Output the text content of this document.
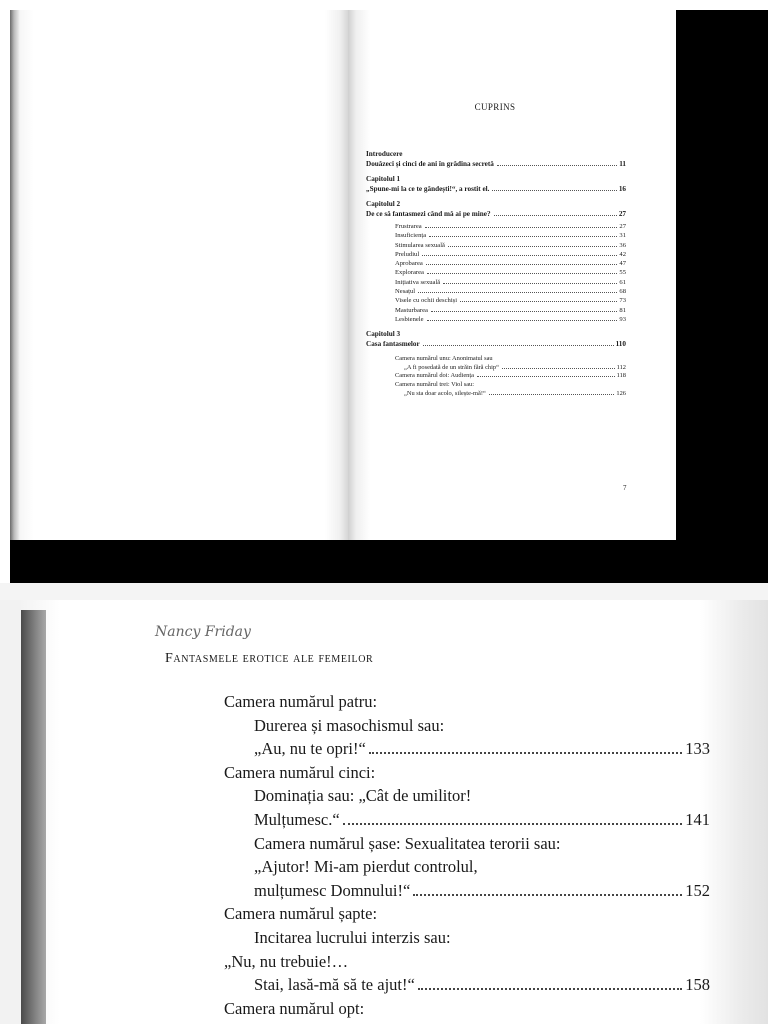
CUPRINS
Introducere
Douăzeci și cinci de ani în grădina secretă	11
Capitolul 1
„Spune-mi la ce te gândești!“, a rostit el.	16
Capitolul 2
De ce să fantasmezi când mă ai pe mine?	27
Frustrarea	27
Insuficiența	31
Stimularea sexuală	36
Preludiul	42
Aprobarea	47
Explorarea	55
Inițiativa sexuală	61
Nesațul	68
Visele cu ochii deschiși	73
Masturbarea	81
Lesbienele	93
Capitolul 3
Casa fantasmelor	110
Camera numărul unu: Anonimatul sau
„A fi posedată de un străin fără chip“	112
Camera numărul doi: Audiența	118
Camera numărul trei: Viol sau:
„Nu sta doar acolo, silește-mă!“	126
7
Nancy Friday
Fantasmele erotice ale femeilor
Camera numărul patru:
Durerea și masochismul sau:
„Au, nu te opri!“	133
Camera numărul cinci:
Dominația sau: „Cât de umilitor!
Mulțumesc.“	141
Camera numărul șase: Sexualitatea terorii sau:
„Ajutor! Mi-am pierdut controlul,
mulțumesc Domnului!“	152
Camera numărul șapte:
Incitarea lucrului interzis sau:
„Nu, nu trebuie!…
Stai, lasă-mă să te ajut!“	158
Camera numărul opt:
